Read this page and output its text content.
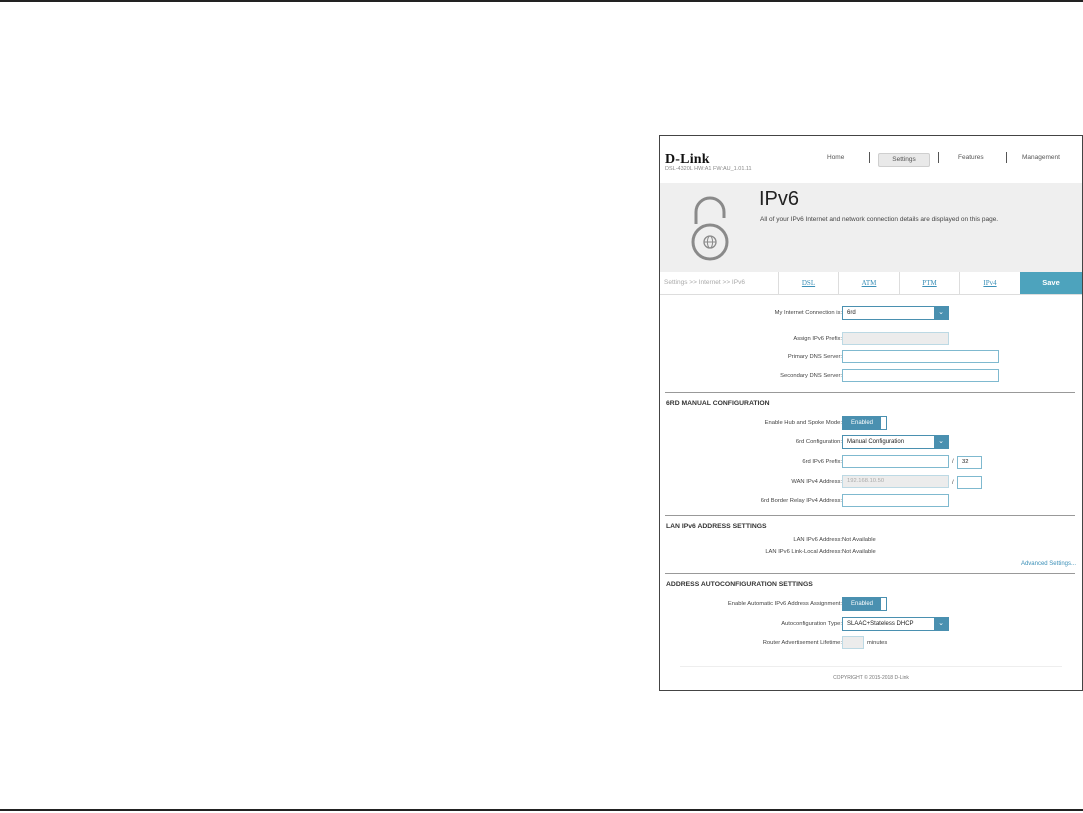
D-Link
DSL-4320L HW:A1 FW:AU_1.01.11
Home	Settings	Features	Management
IPv6
All of your IPv6 Internet and network connection details are displayed on this page.
Settings >> Internet >> IPv6	DSL	ATM	PTM	IPv4	Save
My Internet Connection is: 6rd	⌄
Assign IPv6 Prefix:
Primary DNS Server:
Secondary DNS Server:
6RD MANUAL CONFIGURATION
Enable Hub and Spoke Mode:	Enabled
6rd Configuration: Manual Configuration	⌄
6rd IPv6 Prefix:	/	32
WAN IPv4 Address: 192.168.10.50	/
6rd Border Relay IPv4 Address:
LAN IPv6 ADDRESS SETTINGS
LAN IPv6 Address: Not Available
LAN IPv6 Link-Local Address: Not Available
Advanced Settings...
ADDRESS AUTOCONFIGURATION SETTINGS
Enable Automatic IPv6 Address Assignment:	Enabled
Autoconfiguration Type: SLAAC+Stateless DHCP	⌄
Router Advertisement Lifetime:	minutes
COPYRIGHT © 2015-2018 D-Link
